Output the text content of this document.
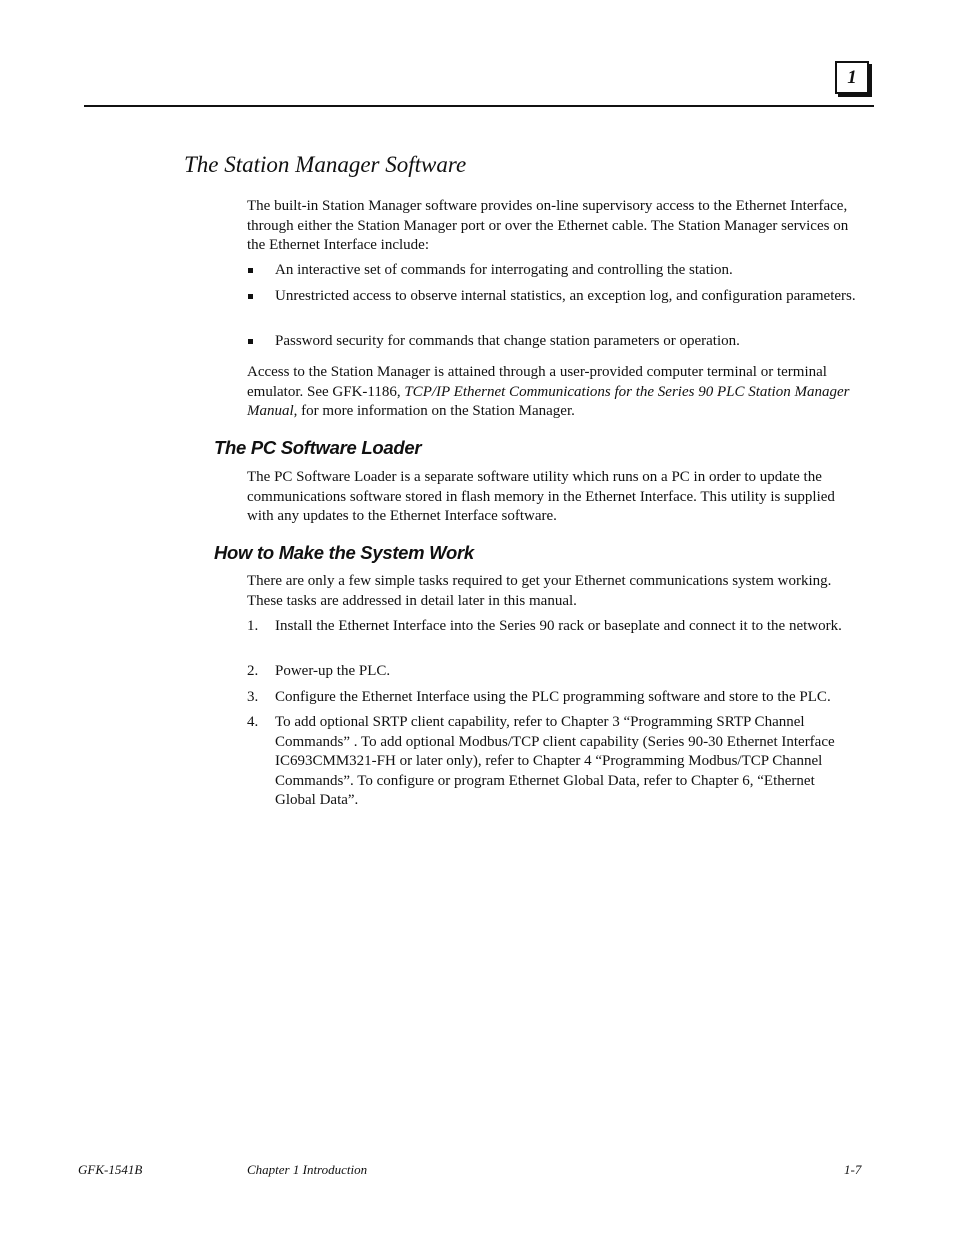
1
The Station Manager Software

The built-in Station Manager software provides on-line supervisory access to the Ethernet Interface, through either the Station Manager port or over the Ethernet cable. The Station Manager services on the Ethernet Interface include:

An interactive set of commands for interrogating and controlling the station.
Unrestricted access to observe internal statistics, an exception log, and configuration parameters.
Password security for commands that change station parameters or operation.

Access to the Station Manager is attained through a user-provided computer terminal or terminal emulator. See GFK-1186, TCP/IP Ethernet Communications for the Series 90 PLC Station Manager Manual, for more information on the Station Manager.

The PC Software Loader

The PC Software Loader is a separate software utility which runs on a PC in order to update the communications software stored in flash memory in the Ethernet Interface. This utility is supplied with any updates to the Ethernet Interface software.

How to Make the System Work

There are only a few simple tasks required to get your Ethernet communications system working. These tasks are addressed in detail later in this manual.

1. Install the Ethernet Interface into the Series 90 rack or baseplate and connect it to the network.
2. Power-up the PLC.
3. Configure the Ethernet Interface using the PLC programming software and store to the PLC.
4. To add optional SRTP client capability, refer to Chapter 3 “Programming SRTP Channel Commands” . To add optional Modbus/TCP client capability (Series 90-30 Ethernet Interface IC693CMM321-FH or later only), refer to Chapter 4 “Programming Modbus/TCP Channel Commands”. To configure or program Ethernet Global Data, refer to Chapter 6, “Ethernet Global Data”.
GFK-1541B	Chapter 1 Introduction	1-7
